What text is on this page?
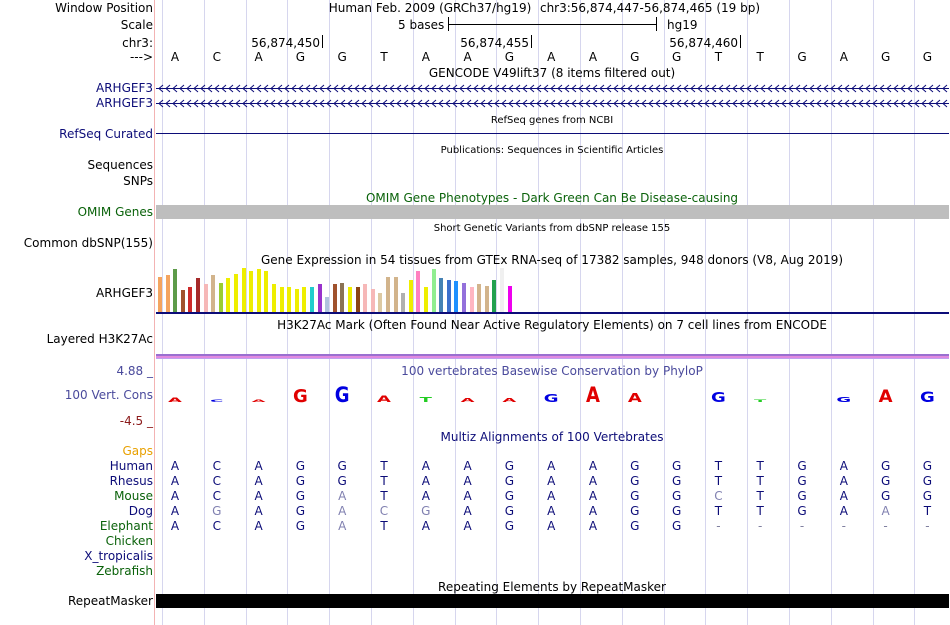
Window Position
Scale
chr3:
--->
Human Feb. 2009 (GRCh37/hg19) chr3:56,874,447-56,874,465 (19 bp)
5 bases	hg19
56,874,450	56,874,455	56,874,460
A	C	A	G	G	T	A	A	G	A	A	G	G	T	T	G	A	G	G
GENCODE V49lift37 (8 items filtered out)
ARHGEF3
ARHGEF3
RefSeq genes from NCBI
RefSeq Curated
Publications: Sequences in Scientific Articles
Sequences
SNPs
OMIM Gene Phenotypes - Dark Green Can Be Disease-causing
OMIM Genes
Short Genetic Variants from dbSNP release 155
Common dbSNP(155)
Gene Expression in 54 tissues from GTEx RNA-seq of 17382 samples, 948 donors (V8, Aug 2019)
ARHGEF3
H3K27Ac Mark (Often Found Near Active Regulatory Elements) on 7 cell lines from ENCODE
Layered H3K27Ac
100 vertebrates Basewise Conservation by PhyloP
4.88 _
100 Vert. Cons
-4.5 _
A C A G G A T A A G A A	G T	G A G
Multiz Alignments of 100 Vertebrates
Gaps
Human	A	C	A	G	G	T	A	A	G	A	A	G	G	T	T	G	A	G	G
Rhesus	A	C	A	G	G	T	A	A	G	A	A	G	G	T	T	G	A	G	G
Mouse	A	C	A	G	A	T	A	A	G	A	A	G	G	C	T	G	A	G	G
Dog	A	G	A	G	A	C	G	A	G	A	A	G	G	T	T	G	A	A	T
Elephant	A	C	A	G	A	T	A	A	G	A	A	G	G	-	-	-	-	-	-
Chicken
X_tropicalis
Zebrafish
Repeating Elements by RepeatMasker
RepeatMasker
